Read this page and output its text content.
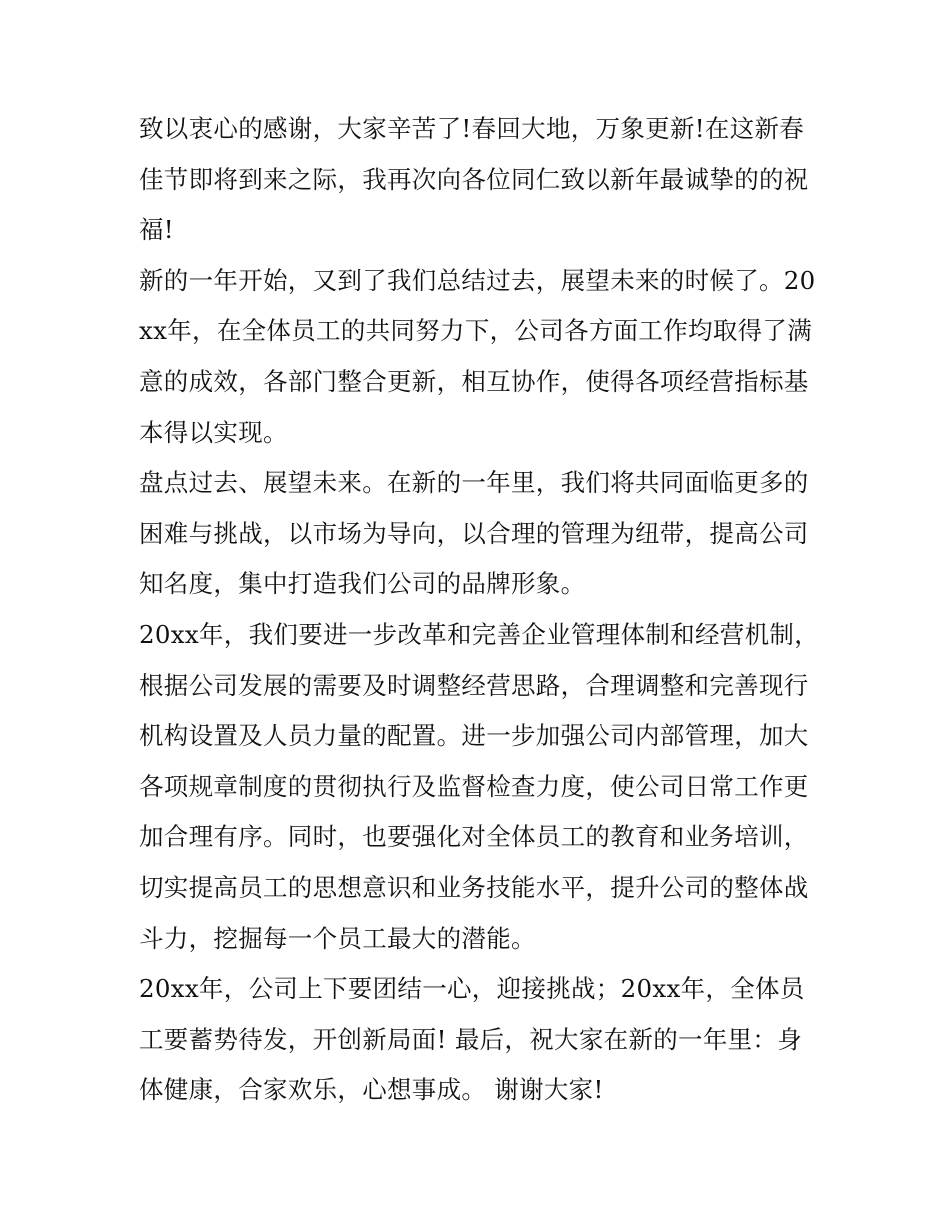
致以衷心的感谢，大家辛苦了!春回大地，万象更新!在这新春佳节即将到来之际，我再次向各位同仁致以新年最诚挚的的祝福!

新的一年开始，又到了我们总结过去，展望未来的时候了。20xx年，在全体员工的共同努力下，公司各方面工作均取得了满意的成效，各部门整合更新，相互协作，使得各项经营指标基本得以实现。

盘点过去、展望未来。在新的一年里，我们将共同面临更多的困难与挑战，以市场为导向，以合理的管理为纽带，提高公司知名度，集中打造我们公司的品牌形象。

20xx年，我们要进一步改革和完善企业管理体制和经营机制，根据公司发展的需要及时调整经营思路，合理调整和完善现行机构设置及人员力量的配置。进一步加强公司内部管理，加大各项规章制度的贯彻执行及监督检查力度，使公司日常工作更加合理有序。同时，也要强化对全体员工的教育和业务培训，切实提高员工的思想意识和业务技能水平，提升公司的整体战斗力，挖掘每一个员工最大的潜能。

20xx年，公司上下要团结一心，迎接挑战；20xx年，全体员工要蓄势待发，开创新局面! 最后，祝大家在新的一年里：身体健康，合家欢乐，心想事成。 谢谢大家!
